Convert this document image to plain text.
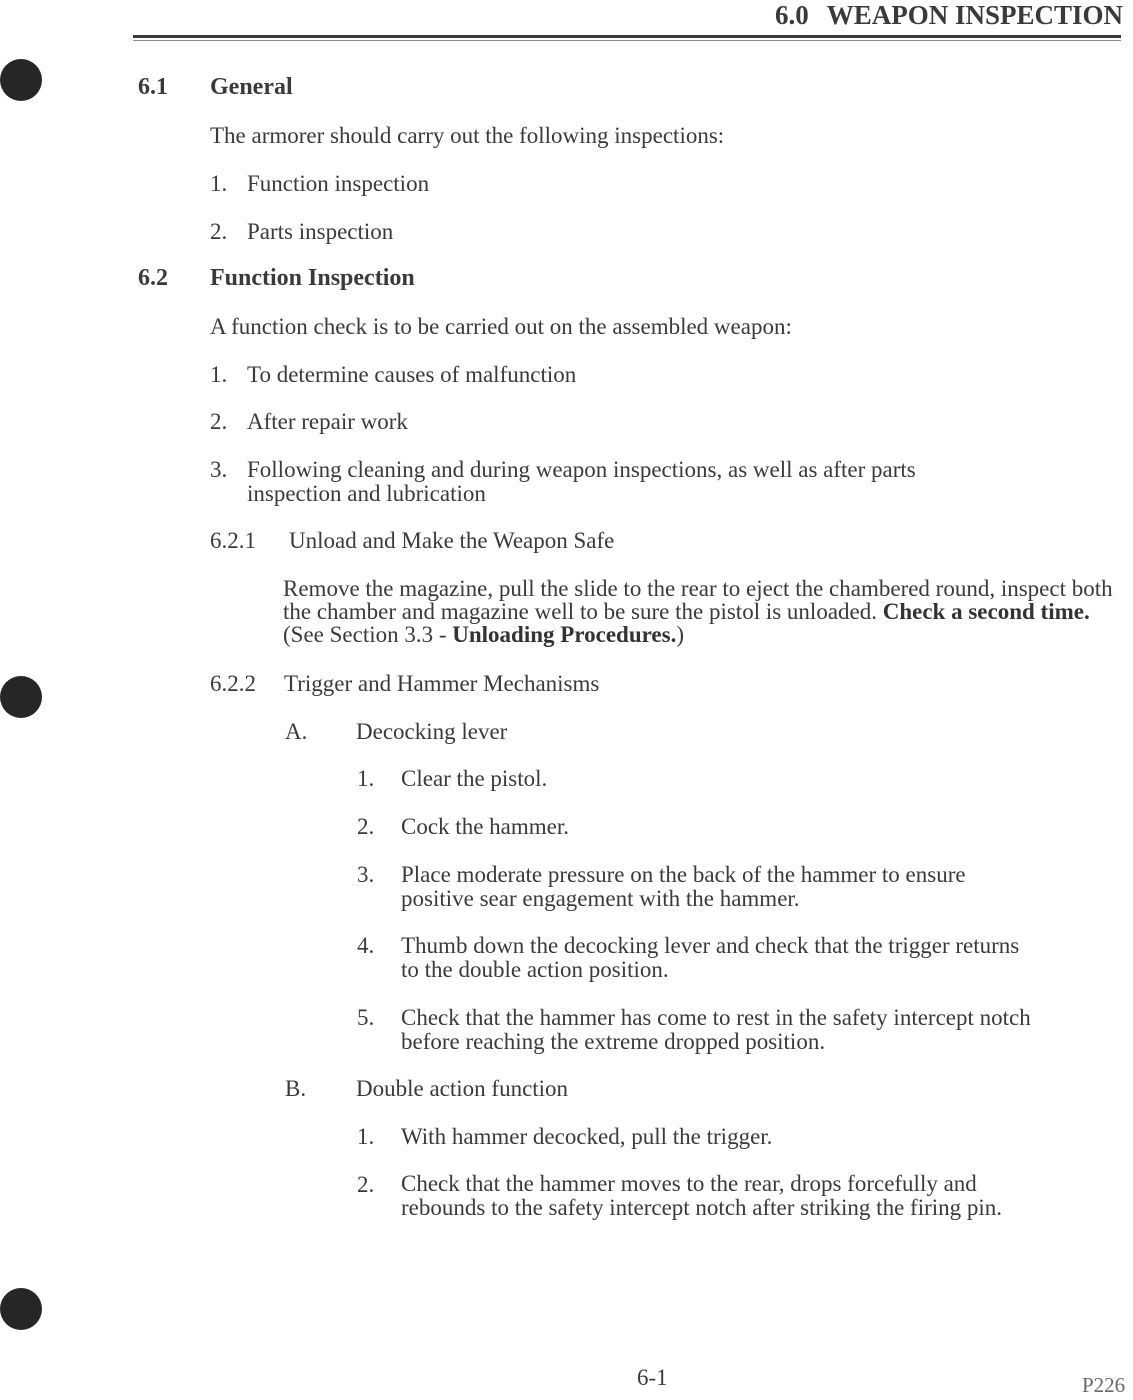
6.0 WEAPON INSPECTION
6.1 General
The armorer should carry out the following inspections:
1. Function inspection
2. Parts inspection
6.2 Function Inspection
A function check is to be carried out on the assembled weapon:
1. To determine causes of malfunction
2. After repair work
3. Following cleaning and during weapon inspections, as well as after parts
inspection and lubrication
6.2.1 Unload and Make the Weapon Safe
Remove the magazine, pull the slide to the rear to eject the chambered round, inspect both the chamber and magazine well to be sure the pistol is unloaded. Check a second time. (See Section 3.3 - Unloading Procedures.)
6.2.2 Trigger and Hammer Mechanisms
A. Decocking lever
1. Clear the pistol.
2. Cock the hammer.
3. Place moderate pressure on the back of the hammer to ensure
positive sear engagement with the hammer.
4. Thumb down the decocking lever and check that the trigger returns
to the double action position.
5. Check that the hammer has come to rest in the safety intercept notch
before reaching the extreme dropped position.
B. Double action function
1. With hammer decocked, pull the trigger.
2. Check that the hammer moves to the rear, drops forcefully and
rebounds to the safety intercept notch after striking the firing pin.
6-1	P226
